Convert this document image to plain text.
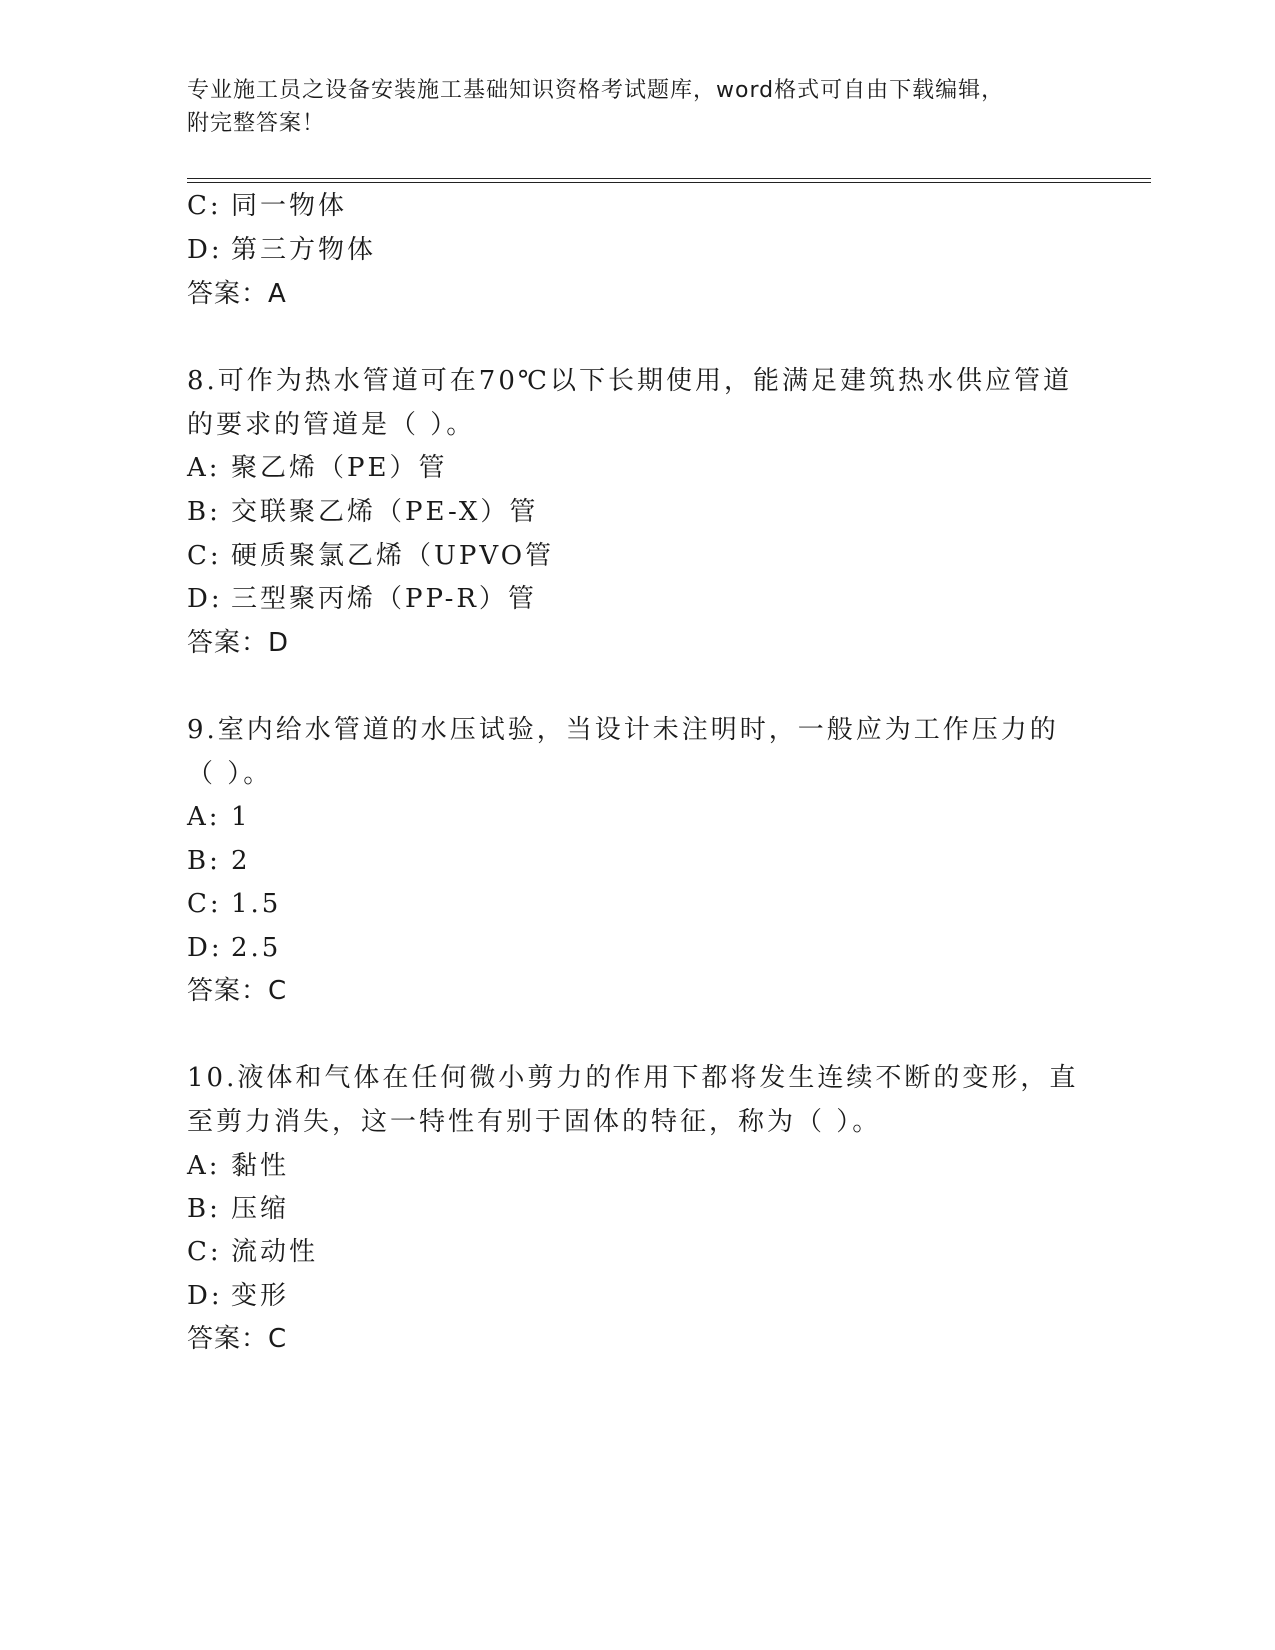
专业施工员之设备安装施工基础知识资格考试题库，word格式可自由下载编辑，
附完整答案！
C: 同一物体
D: 第三方物体
答案：A
8.可作为热水管道可在70℃以下长期使用，能满足建筑热水供应管道
的要求的管道是（ ）。
A: 聚乙烯（PE）管
B: 交联聚乙烯（PE-X）管
C: 硬质聚氯乙烯（UPVO管
D: 三型聚丙烯（PP-R）管
答案：D
9.室内给水管道的水压试验，当设计未注明时，一般应为工作压力的
（ ）。
A: 1
B: 2
C: 1.5
D: 2.5
答案：C
10.液体和气体在任何微小剪力的作用下都将发生连续不断的变形，直
至剪力消失，这一特性有别于固体的特征，称为（ ）。
A: 黏性
B: 压缩
C: 流动性
D: 变形
答案：C
